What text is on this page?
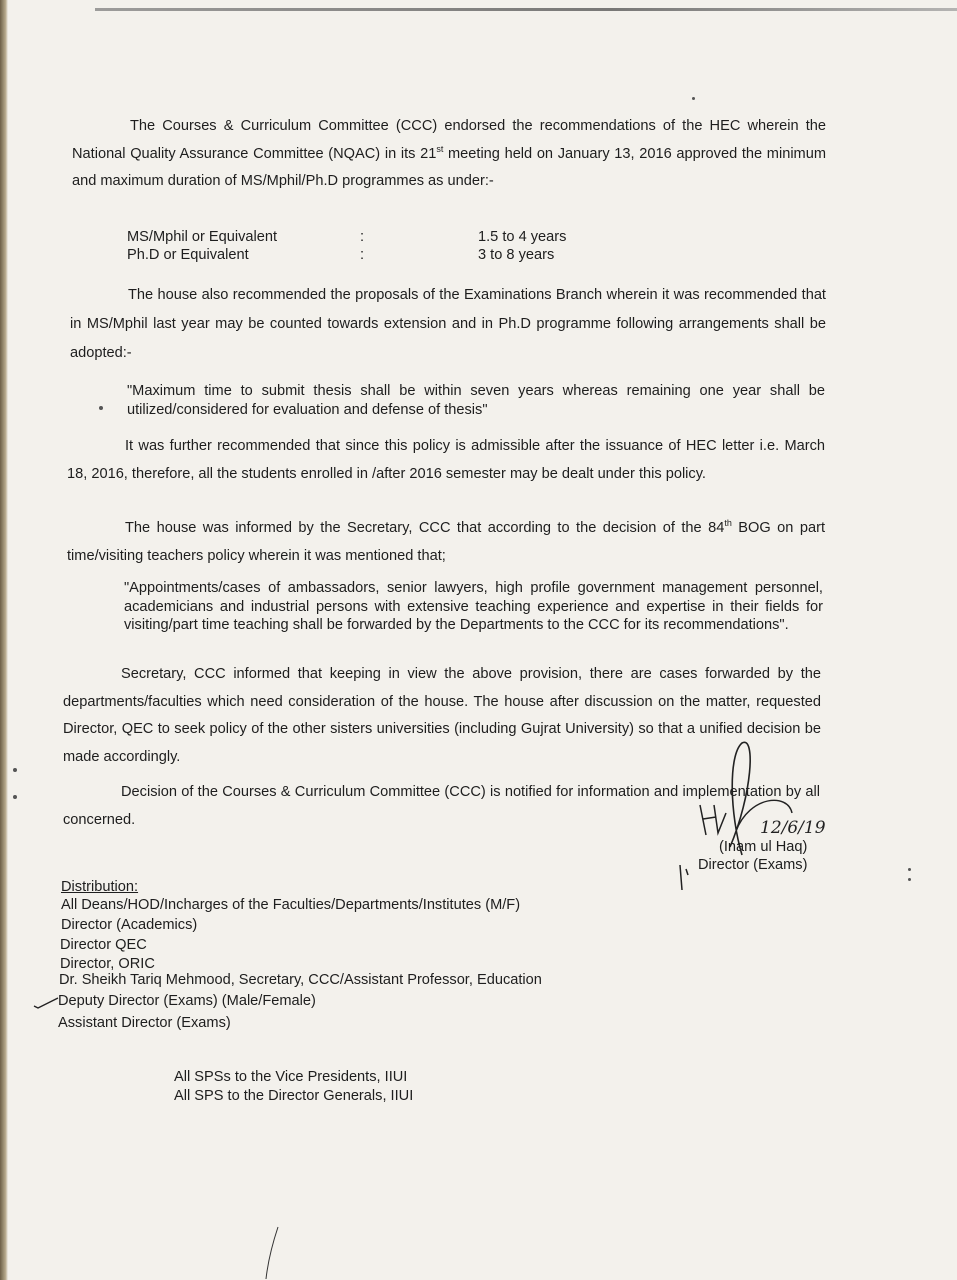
The Courses & Curriculum Committee (CCC) endorsed the recommendations of the HEC wherein the National Quality Assurance Committee (NQAC) in its 21st meeting held on January 13, 2016 approved the minimum and maximum duration of MS/Mphil/Ph.D programmes as under:-

MS/Mphil or Equivalent	:	1.5 to 4 years
Ph.D or Equivalent	:	3 to 8 years

The house also recommended the proposals of the Examinations Branch wherein it was recommended that in MS/Mphil last year may be counted towards extension and in Ph.D programme following arrangements shall be adopted:-

"Maximum time to submit thesis shall be within seven years whereas remaining one year shall be utilized/considered for evaluation and defense of thesis"

It was further recommended that since this policy is admissible after the issuance of HEC letter i.e. March 18, 2016, therefore, all the students enrolled in /after 2016 semester may be dealt under this policy.

The house was informed by the Secretary, CCC that according to the decision of the 84th BOG on part time/visiting teachers policy wherein it was mentioned that;

"Appointments/cases of ambassadors, senior lawyers, high profile government management personnel, academicians and industrial persons with extensive teaching experience and expertise in their fields for visiting/part time teaching shall be forwarded by the Departments to the CCC for its recommendations".

Secretary, CCC informed that keeping in view the above provision, there are cases forwarded by the departments/faculties which need consideration of the house. The house after discussion on the matter, requested Director, QEC to seek policy of the other sisters universities (including Gujrat University) so that a unified decision be made accordingly.

Decision of the Courses & Curriculum Committee (CCC) is notified for information and implementation by all concerned.	12/6/19
(Inam ul Haq)
Director (Exams)
Distribution:
All Deans/HOD/Incharges of the Faculties/Departments/Institutes (M/F)
Director (Academics)
Director QEC
Director, ORIC
Dr. Sheikh Tariq Mehmood, Secretary, CCC/Assistant Professor, Education
Deputy Director (Exams) (Male/Female)
Assistant Director (Exams)
All SPSs to the Vice Presidents, IIUI
All SPS to the Director Generals, IIUI
